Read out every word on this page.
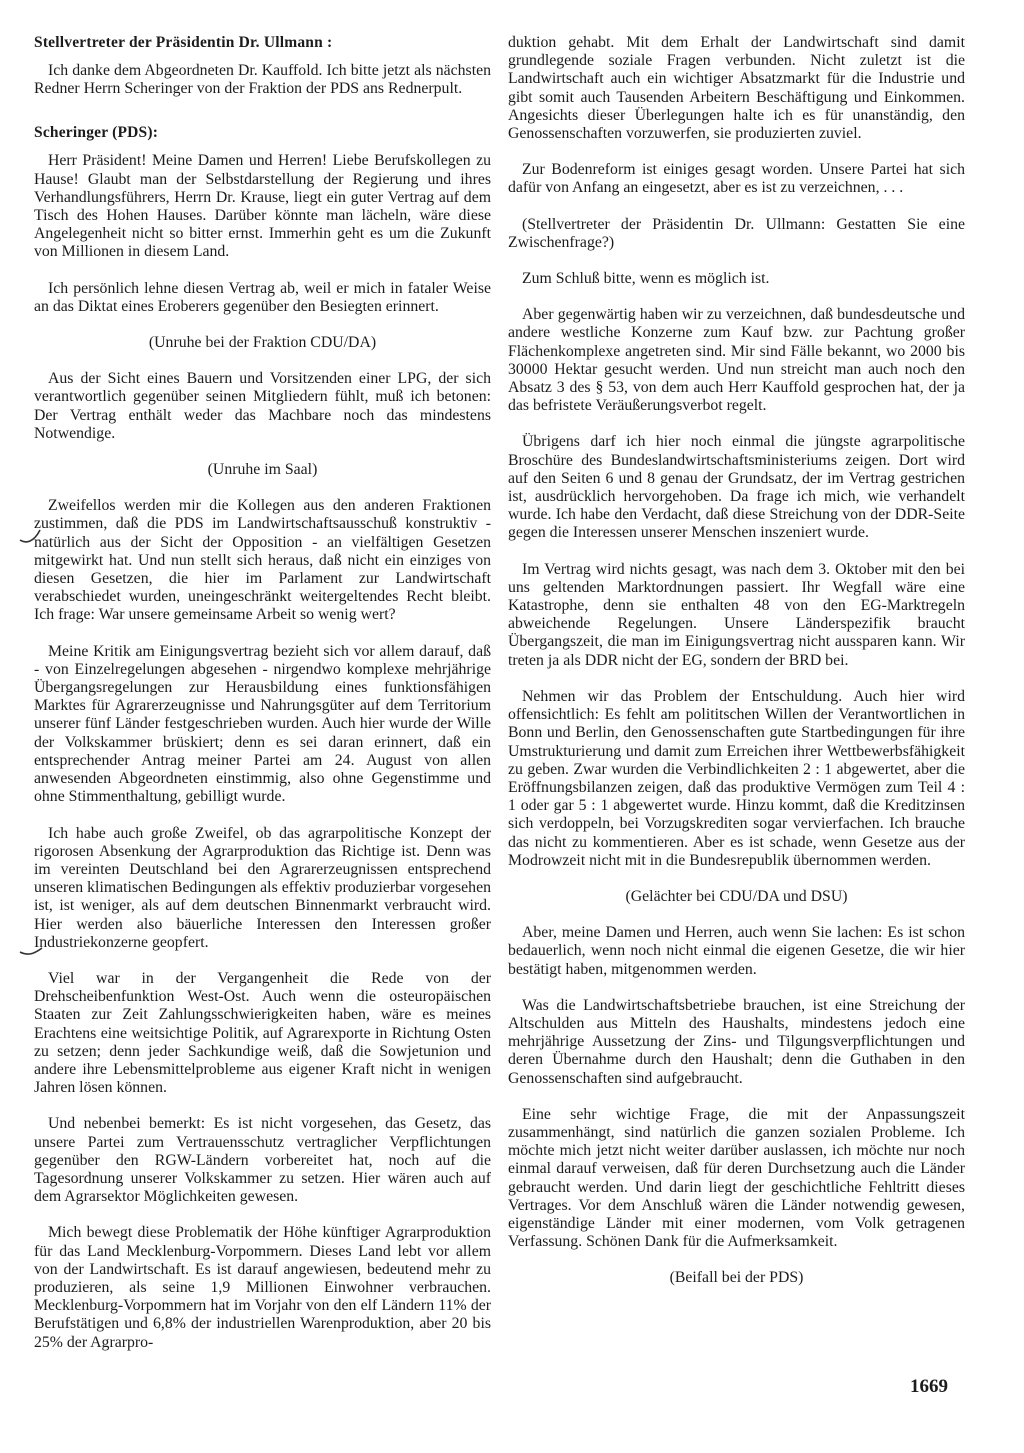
Stellvertreter der Präsidentin Dr. Ullmann :

Ich danke dem Abgeordneten Dr. Kauffold. Ich bitte jetzt als nächsten Redner Herrn Scheringer von der Fraktion der PDS ans Rednerpult.

Scheringer (PDS):

Herr Präsident! Meine Damen und Herren! Liebe Berufskollegen zu Hause! Glaubt man der Selbstdarstellung der Regierung und ihres Verhandlungsführers, Herrn Dr. Krause, liegt ein guter Vertrag auf dem Tisch des Hohen Hauses. Darüber könnte man lächeln, wäre diese Angelegenheit nicht so bitter ernst. Immerhin geht es um die Zukunft von Millionen in diesem Land.

Ich persönlich lehne diesen Vertrag ab, weil er mich in fataler Weise an das Diktat eines Eroberers gegenüber den Besiegten erinnert.

(Unruhe bei der Fraktion CDU/DA)

Aus der Sicht eines Bauern und Vorsitzenden einer LPG, der sich verantwortlich gegenüber seinen Mitgliedern fühlt, muß ich betonen: Der Vertrag enthält weder das Machbare noch das mindestens Notwendige.

(Unruhe im Saal)

Zweifellos werden mir die Kollegen aus den anderen Fraktionen zustimmen, daß die PDS im Landwirtschaftsausschuß konstruktiv - natürlich aus der Sicht der Opposition - an vielfältigen Gesetzen mitgewirkt hat. Und nun stellt sich heraus, daß nicht ein einziges von diesen Gesetzen, die hier im Parlament zur Landwirtschaft verabschiedet wurden, uneingeschränkt weitergeltendes Recht bleibt. Ich frage: War unsere gemeinsame Arbeit so wenig wert?

Meine Kritik am Einigungsvertrag bezieht sich vor allem darauf, daß - von Einzelregelungen abgesehen - nirgendwo komplexe mehrjährige Übergangsregelungen zur Herausbildung eines funktionsfähigen Marktes für Agrarerzeugnisse und Nahrungsgüter auf dem Territorium unserer fünf Länder festgeschrieben wurden. Auch hier wurde der Wille der Volkskammer brüskiert; denn es sei daran erinnert, daß ein entsprechender Antrag meiner Partei am 24. August von allen anwesenden Abgeordneten einstimmig, also ohne Gegenstimme und ohne Stimmenthaltung, gebilligt wurde.

Ich habe auch große Zweifel, ob das agrarpolitische Konzept der rigorosen Absenkung der Agrarproduktion das Richtige ist. Denn was im vereinten Deutschland bei den Agrarerzeugnissen entsprechend unseren klimatischen Bedingungen als effektiv produzierbar vorgesehen ist, ist weniger, als auf dem deutschen Binnenmarkt verbraucht wird. Hier werden also bäuerliche Interessen den Interessen großer Industriekonzerne geopfert.

Viel war in der Vergangenheit die Rede von der Drehscheibenfunktion West-Ost. Auch wenn die osteuropäischen Staaten zur Zeit Zahlungsschwierigkeiten haben, wäre es meines Erachtens eine weitsichtige Politik, auf Agrarexporte in Richtung Osten zu setzen; denn jeder Sachkundige weiß, daß die Sowjetunion und andere ihre Lebensmittelprobleme aus eigener Kraft nicht in wenigen Jahren lösen können.

Und nebenbei bemerkt: Es ist nicht vorgesehen, das Gesetz, das unsere Partei zum Vertrauensschutz vertraglicher Verpflichtungen gegenüber den RGW-Ländern vorbereitet hat, noch auf die Tagesordnung unserer Volkskammer zu setzen. Hier wären auch auf dem Agrarsektor Möglichkeiten gewesen.

Mich bewegt diese Problematik der Höhe künftiger Agrarproduktion für das Land Mecklenburg-Vorpommern. Dieses Land lebt vor allem von der Landwirtschaft. Es ist darauf angewiesen, bedeutend mehr zu produzieren, als seine 1,9 Millionen Einwohner verbrauchen. Mecklenburg-Vorpommern hat im Vorjahr von den elf Ländern 11% der Berufstätigen und 6,8% der industriellen Warenproduktion, aber 20 bis 25% der Agrarpro-

duktion gehabt. Mit dem Erhalt der Landwirtschaft sind damit grundlegende soziale Fragen verbunden. Nicht zuletzt ist die Landwirtschaft auch ein wichtiger Absatzmarkt für die Industrie und gibt somit auch Tausenden Arbeitern Beschäftigung und Einkommen. Angesichts dieser Überlegungen halte ich es für unanständig, den Genossenschaften vorzuwerfen, sie produzierten zuviel.

Zur Bodenreform ist einiges gesagt worden. Unsere Partei hat sich dafür von Anfang an eingesetzt, aber es ist zu verzeichnen, . . .

(Stellvertreter der Präsidentin Dr. Ullmann: Gestatten Sie eine Zwischenfrage?)

Zum Schluß bitte, wenn es möglich ist.

Aber gegenwärtig haben wir zu verzeichnen, daß bundesdeutsche und andere westliche Konzerne zum Kauf bzw. zur Pachtung großer Flächenkomplexe angetreten sind. Mir sind Fälle bekannt, wo 2000 bis 30000 Hektar gesucht werden. Und nun streicht man auch noch den Absatz 3 des § 53, von dem auch Herr Kauffold gesprochen hat, der ja das befristete Veräußerungsverbot regelt.

Übrigens darf ich hier noch einmal die jüngste agrarpolitische Broschüre des Bundeslandwirtschaftsministeriums zeigen. Dort wird auf den Seiten 6 und 8 genau der Grundsatz, der im Vertrag gestrichen ist, ausdrücklich hervorgehoben. Da frage ich mich, wie verhandelt wurde. Ich habe den Verdacht, daß diese Streichung von der DDR-Seite gegen die Interessen unserer Menschen inszeniert wurde.

Im Vertrag wird nichts gesagt, was nach dem 3. Oktober mit den bei uns geltenden Marktordnungen passiert. Ihr Wegfall wäre eine Katastrophe, denn sie enthalten 48 von den EG-Marktregeln abweichende Regelungen. Unsere Länderspezifik braucht Übergangszeit, die man im Einigungsvertrag nicht aussparen kann. Wir treten ja als DDR nicht der EG, sondern der BRD bei.

Nehmen wir das Problem der Entschuldung. Auch hier wird offensichtlich: Es fehlt am polititschen Willen der Verantwortlichen in Bonn und Berlin, den Genossenschaften gute Startbedingungen für ihre Umstrukturierung und damit zum Erreichen ihrer Wettbewerbsfähigkeit zu geben. Zwar wurden die Verbindlichkeiten 2 : 1 abgewertet, aber die Eröffnungsbilanzen zeigen, daß das produktive Vermögen zum Teil 4 : 1 oder gar 5 : 1 abgewertet wurde. Hinzu kommt, daß die Kreditzinsen sich verdoppeln, bei Vorzugskrediten sogar vervierfachen. Ich brauche das nicht zu kommentieren. Aber es ist schade, wenn Gesetze aus der Modrowzeit nicht mit in die Bundesrepublik übernommen werden.

(Gelächter bei CDU/DA und DSU)

Aber, meine Damen und Herren, auch wenn Sie lachen: Es ist schon bedauerlich, wenn noch nicht einmal die eigenen Gesetze, die wir hier bestätigt haben, mitgenommen werden.

Was die Landwirtschaftsbetriebe brauchen, ist eine Streichung der Altschulden aus Mitteln des Haushalts, mindestens jedoch eine mehrjährige Aussetzung der Zins- und Tilgungsverpflichtungen und deren Übernahme durch den Haushalt; denn die Guthaben in den Genossenschaften sind aufgebraucht.

Eine sehr wichtige Frage, die mit der Anpassungszeit zusammenhängt, sind natürlich die ganzen sozialen Probleme. Ich möchte mich jetzt nicht weiter darüber auslassen, ich möchte nur noch einmal darauf verweisen, daß für deren Durchsetzung auch die Länder gebraucht werden. Und darin liegt der geschichtliche Fehltritt dieses Vertrages. Vor dem Anschluß wären die Länder notwendig gewesen, eigenständige Länder mit einer modernen, vom Volk getragenen Verfassung. Schönen Dank für die Aufmerksamkeit.

(Beifall bei der PDS)

1669
